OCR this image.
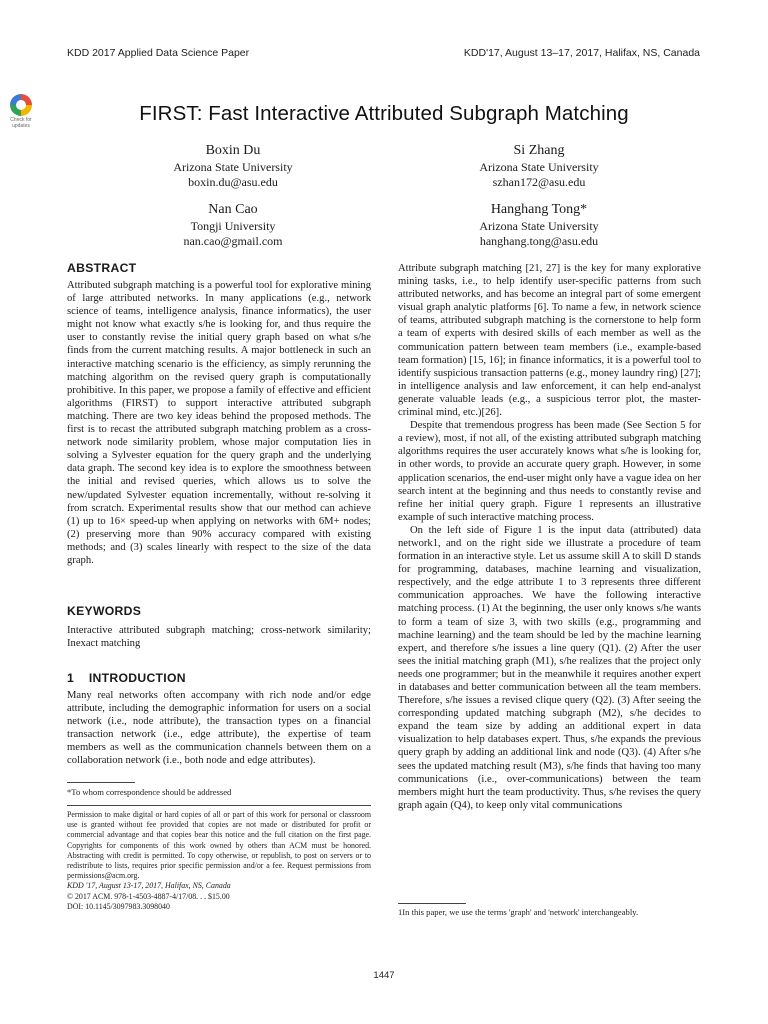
KDD 2017 Applied Data Science Paper	KDD'17, August 13–17, 2017, Halifax, NS, Canada
Check for updates
FIRST: Fast Interactive Attributed Subgraph Matching
Boxin Du
Arizona State University
boxin.du@asu.edu
Si Zhang
Arizona State University
szhan172@asu.edu
Nan Cao
Tongji University
nan.cao@gmail.com
Hanghang Tong*
Arizona State University
hanghang.tong@asu.edu
ABSTRACT

Attributed subgraph matching is a powerful tool for explorative mining of large attributed networks. In many applications (e.g., network science of teams, intelligence analysis, finance informatics), the user might not know what exactly s/he is looking for, and thus require the user to constantly revise the initial query graph based on what s/he finds from the current matching results. A major bottleneck in such an interactive matching scenario is the efficiency, as simply rerunning the matching algorithm on the revised query graph is computationally prohibitive. In this paper, we propose a family of effective and efficient algorithms (FIRST) to support interactive attributed subgraph matching. There are two key ideas behind the proposed methods. The first is to recast the attributed subgraph matching problem as a cross-network node similarity problem, whose major computation lies in solving a Sylvester equation for the query graph and the underlying data graph. The second key idea is to explore the smoothness between the initial and revised queries, which allows us to solve the new/updated Sylvester equation incrementally, without re-solving it from scratch. Experimental results show that our method can achieve (1) up to 16× speed-up when applying on networks with 6M+ nodes; (2) preserving more than 90% accuracy compared with existing methods; and (3) scales linearly with respect to the size of the data graph.

KEYWORDS

Interactive attributed subgraph matching; cross-network similarity; Inexact matching

1 INTRODUCTION

Many real networks often accompany with rich node and/or edge attribute, including the demographic information for users on a social network (i.e., node attribute), the transaction types on a financial transaction network (i.e., edge attribute), the expertise of team members as well as the communication channels between them on a collaboration network (i.e., both node and edge attributes).

*To whom correspondence should be addressed

Permission to make digital or hard copies of all or part of this work for personal or classroom use is granted without fee provided that copies are not made or distributed for profit or commercial advantage and that copies bear this notice and the full citation on the first page. Copyrights for components of this work owned by others than ACM must be honored. Abstracting with credit is permitted. To copy otherwise, or republish, to post on servers or to redistribute to lists, requires prior specific permission and/or a fee. Request permissions from permissions@acm.org.

KDD '17, August 13-17, 2017, Halifax, NS, Canada

© 2017 ACM. 978-1-4503-4887-4/17/08. . . $15.00

DOI: 10.1145/3097983.3098040

Attribute subgraph matching [21, 27] is the key for many explorative mining tasks, i.e., to help identify user-specific patterns from such attributed networks, and has become an integral part of some emergent visual graph analytic platforms [6]. To name a few, in network science of teams, attributed subgraph matching is the cornerstone to help form a team of experts with desired skills of each member as well as the communication pattern between team members (i.e., example-based team formation) [15, 16]; in finance informatics, it is a powerful tool to identify suspicious transaction patterns (e.g., money laundry ring) [27]; in intelligence analysis and law enforcement, it can help end-analyst generate valuable leads (e.g., a suspicious terror plot, the master-criminal mind, etc.)[26].

Despite that tremendous progress has been made (See Section 5 for a review), most, if not all, of the existing attributed subgraph matching algorithms requires the user accurately knows what s/he is looking for, in other words, to provide an accurate query graph. However, in some application scenarios, the end-user might only have a vague idea on her search intent at the beginning and thus needs to constantly revise and refine her initial query graph. Figure 1 represents an illustrative example of such interactive matching process.

On the left side of Figure 1 is the input data (attributed) data network1, and on the right side we illustrate a procedure of team formation in an interactive style. Let us assume skill A to skill D stands for programming, databases, machine learning and visualization, respectively, and the edge attribute 1 to 3 represents three different communication approaches. We have the following interactive matching process. (1) At the beginning, the user only knows s/he wants to form a team of size 3, with two skills (e.g., programming and machine learning) and the team should be led by the machine learning expert, and therefore s/he issues a line query (Q1). (2) After the user sees the initial matching graph (M1), s/he realizes that the project only needs one programmer; but in the meanwhile it requires another expert in databases and better communication between all the team members. Therefore, s/he issues a revised clique query (Q2). (3) After seeing the corresponding updated matching subgraph (M2), s/he decides to expand the team size by adding an additional expert in data visualization to help databases expert. Thus, s/he expands the previous query graph by adding an additional link and node (Q3). (4) After s/he sees the updated matching result (M3), s/he finds that having too many communications (i.e., over-communications) between the team members might hurt the team productivity. Thus, s/he revises the query graph again (Q4), to keep only vital communications

1In this paper, we use the terms 'graph' and 'network' interchangeably.
1447
